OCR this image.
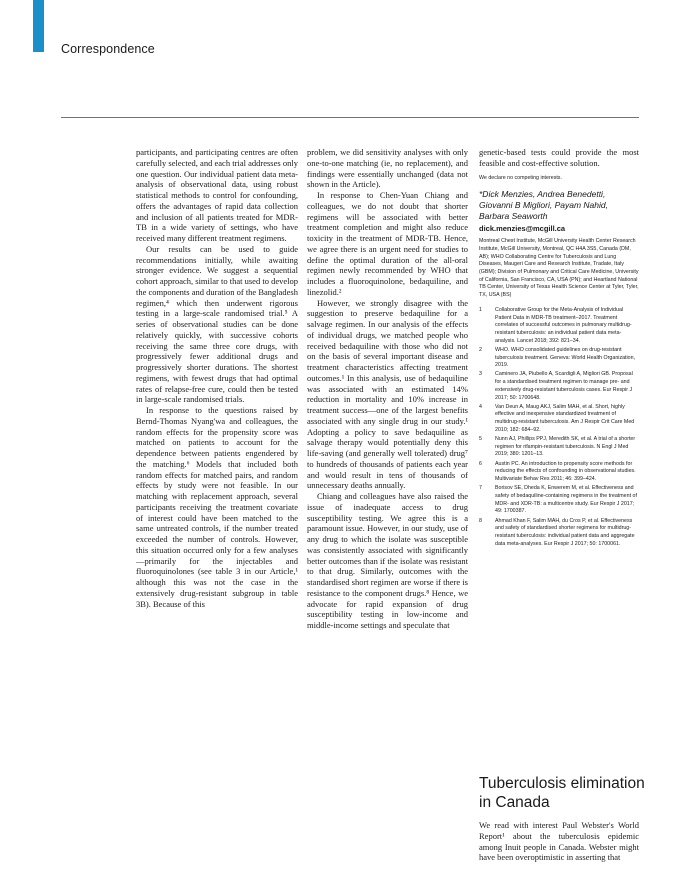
Correspondence

participants, and participating centres are often carefully selected, and each trial addresses only one question. Our individual patient data meta-analysis of observational data, using robust statistical methods to control for confounding, offers the advantages of rapid data collection and inclusion of all patients treated for MDR-TB in a wide variety of settings, who have received many different treatment regimens.

Our results can be used to guide recommendations initially, while awaiting stronger evidence. We suggest a sequential cohort approach, similar to that used to develop the components and duration of the Bangladesh regimen,⁴ which then underwent rigorous testing in a large-scale randomised trial.⁵ A series of observational studies can be done relatively quickly, with successive cohorts receiving the same three core drugs, with progressively fewer additional drugs and progressively shorter durations. The shortest regimens, with fewest drugs that had optimal rates of relapse-free cure, could then be tested in large-scale randomised trials.

In response to the questions raised by Bernd-Thomas Nyang'wa and colleagues, the random effects for the propensity score was matched on patients to account for the dependence between patients engendered by the matching.⁶ Models that included both random effects for matched pairs, and random effects by study were not feasible. In our matching with replacement approach, several participants receiving the treatment covariate of interest could have been matched to the same untreated controls, if the number treated exceeded the number of controls. However, this situation occurred only for a few analyses—primarily for the injectables and fluoroquinolones (see table 3 in our Article,¹ although this was not the case in the extensively drug-resistant subgroup in table 3B). Because of this

problem, we did sensitivity analyses with only one-to-one matching (ie, no replacement), and findings were essentially unchanged (data not shown in the Article).

In response to Chen-Yuan Chiang and colleagues, we do not doubt that shorter regimens will be associated with better treatment completion and might also reduce toxicity in the treatment of MDR-TB. Hence, we agree there is an urgent need for studies to define the optimal duration of the all-oral regimen newly recommended by WHO that includes a fluoroquinolone, bedaquiline, and linezolid.²

However, we strongly disagree with the suggestion to preserve bedaquiline for a salvage regimen. In our analysis of the effects of individual drugs, we matched people who received bedaquiline with those who did not on the basis of several important disease and treatment characteristics affecting treatment outcomes.¹ In this analysis, use of bedaquiline was associated with an estimated 14% reduction in mortality and 10% increase in treatment success—one of the largest benefits associated with any single drug in our study.¹ Adopting a policy to save bedaquiline as salvage therapy would potentially deny this life-saving (and generally well tolerated) drug⁷ to hundreds of thousands of patients each year and would result in tens of thousands of unnecessary deaths annually.

Chiang and colleagues have also raised the issue of inadequate access to drug susceptibility testing. We agree this is a paramount issue. However, in our study, use of any drug to which the isolate was susceptible was consistently associated with significantly better outcomes than if the isolate was resistant to that drug. Similarly, outcomes with the standardised short regimen are worse if there is resistance to the component drugs.⁸ Hence, we advocate for rapid expansion of drug susceptibility testing in low-income and middle-income settings and speculate that

genetic-based tests could provide the most feasible and cost-effective solution.

We declare no competing interests.
*Dick Menzies, Andrea Benedetti, Giovanni B Migliori, Payam Nahid, Barbara Seaworth
dick.menzies@mcgill.ca
Montreal Chest Institute, McGill University Health Center Research Institute, McGill University, Montreal, QC H4A 3S5, Canada (DM, AB); WHO Collaborating Centre for Tuberculosis and Lung Diseases, Maugeri Care and Research Institute, Tradate, Italy (GBM); Division of Pulmonary and Critical Care Medicine, University of California, San Francisco, CA, USA (PN); and Heartland National TB Center, University of Texas Health Science Center at Tyler, Tyler, TX, USA (BS)
1	Collaborative Group for the Meta-Analysis of Individual Patient Data in MDR-TB treatment–2017. Treatment correlates of successful outcomes in pulmonary multidrug-resistant tuberculosis: an individual patient data meta-analysis. Lancet 2018; 392: 821–34.
2	WHO. WHO consolidated guidelines on drug-resistant tuberculosis treatment. Geneva: World Health Organization, 2019.
3	Caminero JA, Piubello A, Scardigli A, Migliori GB. Proposal for a standardised treatment regimen to manage pre- and extensively drug-resistant tuberculosis cases. Eur Respir J 2017; 50: 1700648.
4	Van Deun A, Maug AKJ, Salim MAH, et al. Short, highly effective and inexpensive standardized treatment of multidrug-resistant tuberculosis. Am J Respir Crit Care Med 2010; 182: 684–92.
5	Nunn AJ, Phillips PPJ, Meredith SK, et al. A trial of a shorter regimen for rifampin-resistant tuberculosis. N Engl J Med 2019; 380: 1201–13.
6	Austin PC. An introduction to propensity score methods for reducing the effects of confounding in observational studies. Multivariate Behav Res 2011; 46: 399–424.
7	Borisov SE, Dheda K, Enwerem M, et al. Effectiveness and safety of bedaquiline-containing regimens in the treatment of MDR- and XDR-TB: a multicentre study. Eur Respir J 2017; 49: 1700387.
8	Ahmad Khan F, Salim MAH, du Cros P, et al. Effectiveness and safety of standardised shorter regimens for multidrug-resistant tuberculosis: individual patient data and aggregate data meta-analyses. Eur Respir J 2017; 50: 1700061.
Tuberculosis elimination in Canada
We read with interest Paul Webster's World Report¹ about the tuberculosis epidemic among Inuit people in Canada. Webster might have been overoptimistic in asserting that
